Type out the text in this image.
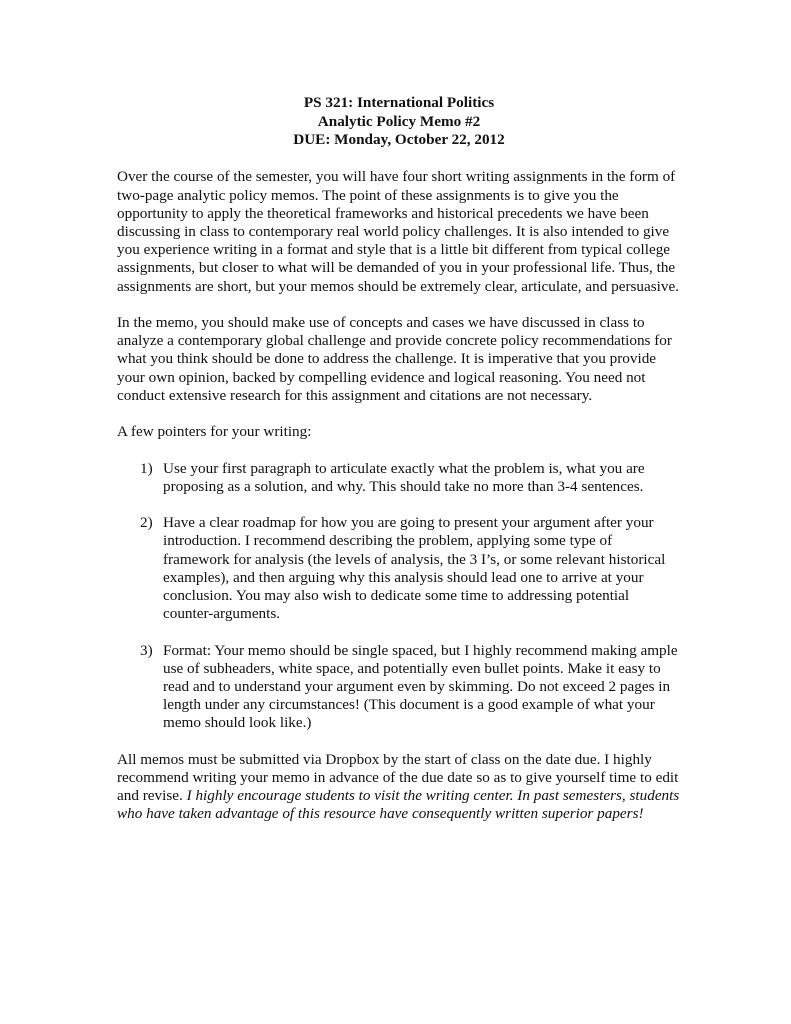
PS 321: International Politics
Analytic Policy Memo #2
DUE: Monday, October 22, 2012

Over the course of the semester, you will have four short writing assignments in the form of two-page analytic policy memos. The point of these assignments is to give you the opportunity to apply the theoretical frameworks and historical precedents we have been discussing in class to contemporary real world policy challenges. It is also intended to give you experience writing in a format and style that is a little bit different from typical college assignments, but closer to what will be demanded of you in your professional life. Thus, the assignments are short, but your memos should be extremely clear, articulate, and persuasive.

In the memo, you should make use of concepts and cases we have discussed in class to analyze a contemporary global challenge and provide concrete policy recommendations for what you think should be done to address the challenge. It is imperative that you provide your own opinion, backed by compelling evidence and logical reasoning. You need not conduct extensive research for this assignment and citations are not necessary.

A few pointers for your writing:

1) Use your first paragraph to articulate exactly what the problem is, what you are proposing as a solution, and why. This should take no more than 3-4 sentences.
2) Have a clear roadmap for how you are going to present your argument after your introduction. I recommend describing the problem, applying some type of framework for analysis (the levels of analysis, the 3 I’s, or some relevant historical examples), and then arguing why this analysis should lead one to arrive at your conclusion. You may also wish to dedicate some time to addressing potential counter-arguments.
3) Format: Your memo should be single spaced, but I highly recommend making ample use of subheaders, white space, and potentially even bullet points. Make it easy to read and to understand your argument even by skimming. Do not exceed 2 pages in length under any circumstances! (This document is a good example of what your memo should look like.)

All memos must be submitted via Dropbox by the start of class on the date due. I highly recommend writing your memo in advance of the due date so as to give yourself time to edit and revise. I highly encourage students to visit the writing center. In past semesters, students who have taken advantage of this resource have consequently written superior papers!
